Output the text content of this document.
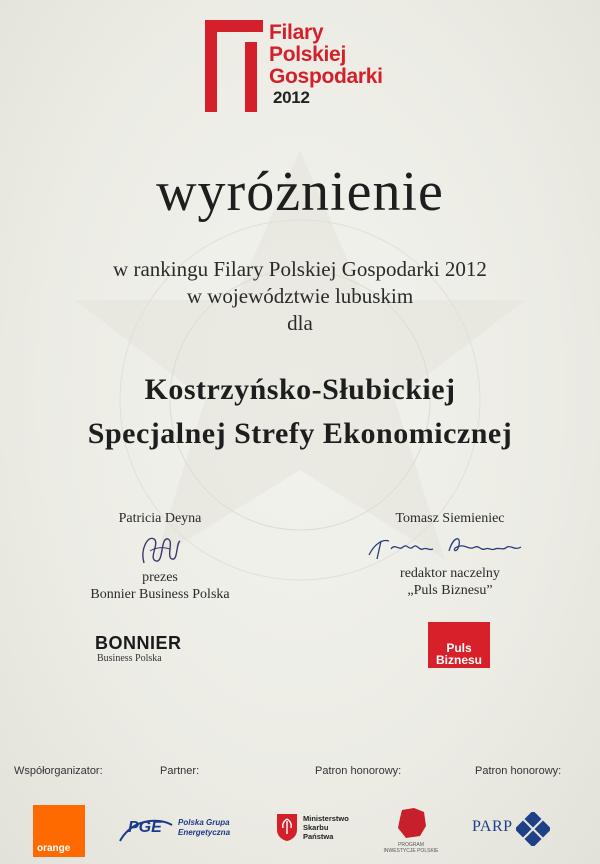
Filary
Polskiej
Gospodarki
2012
wyróżnienie
w rankingu Filary Polskiej Gospodarki 2012
w województwie lubuskim
dla
Kostrzyńsko-Słubickiej
Specjalnej Strefy Ekonomicznej
Patricia Deyna
prezes
Bonnier Business Polska
Tomasz Siemieniec
redaktor naczelny
„Puls Biznesu”
BONNIER
Business Polska
Puls
Biznesu
Współorganizator:	Partner:	Patron honorowy:	Patron honorowy:
orange
PGE Polska Grupa
Energetyczna
Ministerstwo
Skarbu
Państwa
PROGRAM
INWESTYCJE POLSKIE
PARP
